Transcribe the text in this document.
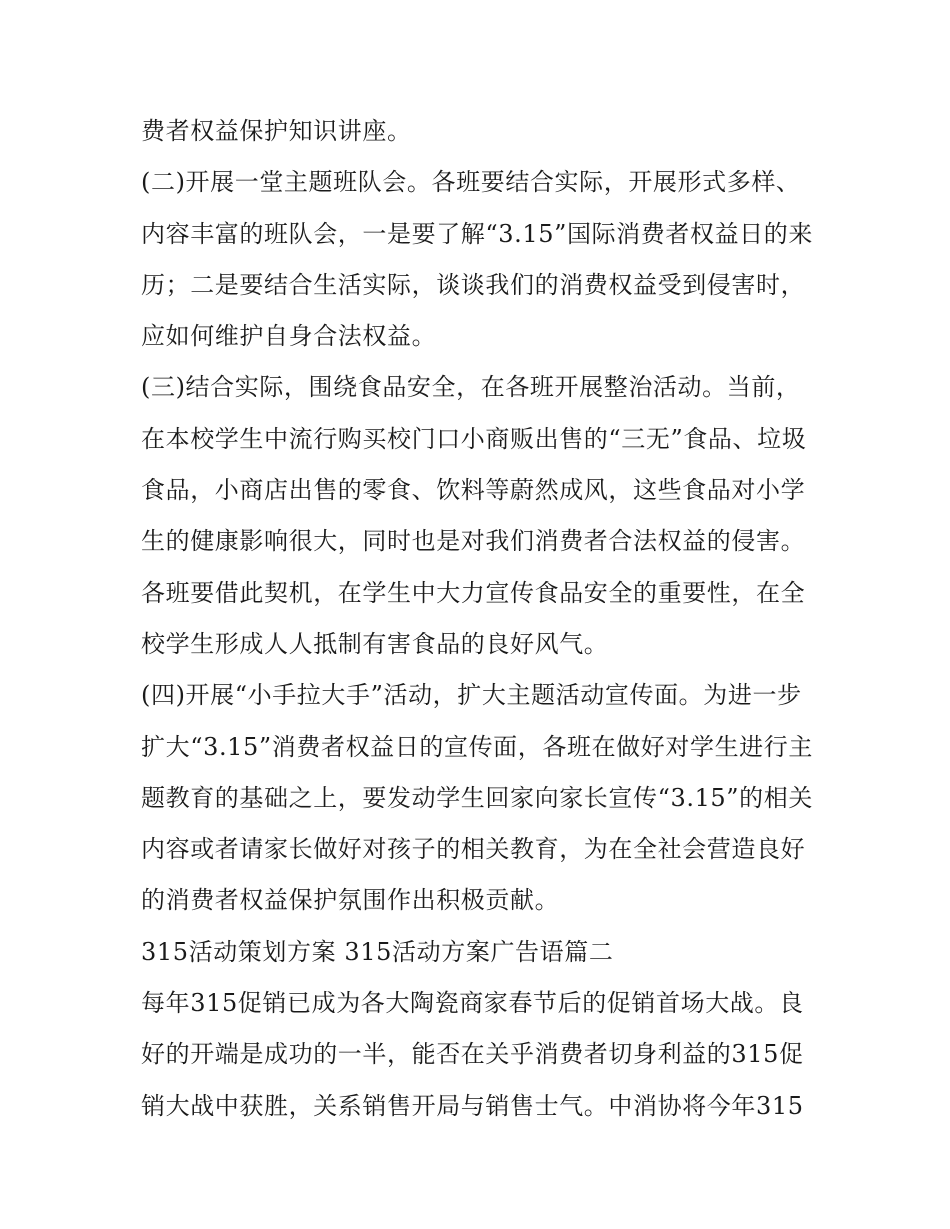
费者权益保护知识讲座。
(二)开展一堂主题班队会。各班要结合实际，开展形式多样、
内容丰富的班队会，一是要了解“3.15”国际消费者权益日的来
历；二是要结合生活实际，谈谈我们的消费权益受到侵害时，
应如何维护自身合法权益。
(三)结合实际，围绕食品安全，在各班开展整治活动。当前，
在本校学生中流行购买校门口小商贩出售的“三无”食品、垃圾
食品，小商店出售的零食、饮料等蔚然成风，这些食品对小学
生的健康影响很大，同时也是对我们消费者合法权益的侵害。
各班要借此契机，在学生中大力宣传食品安全的重要性，在全
校学生形成人人抵制有害食品的良好风气。
(四)开展“小手拉大手”活动，扩大主题活动宣传面。为进一步
扩大“3.15”消费者权益日的宣传面，各班在做好对学生进行主
题教育的基础之上，要发动学生回家向家长宣传“3.15”的相关
内容或者请家长做好对孩子的相关教育，为在全社会营造良好
的消费者权益保护氛围作出积极贡献。
315活动策划方案 315活动方案广告语篇二
每年315促销已成为各大陶瓷商家春节后的促销首场大战。良
好的开端是成功的一半，能否在关乎消费者切身利益的315促
销大战中获胜，关系销售开局与销售士气。中消协将今年315
